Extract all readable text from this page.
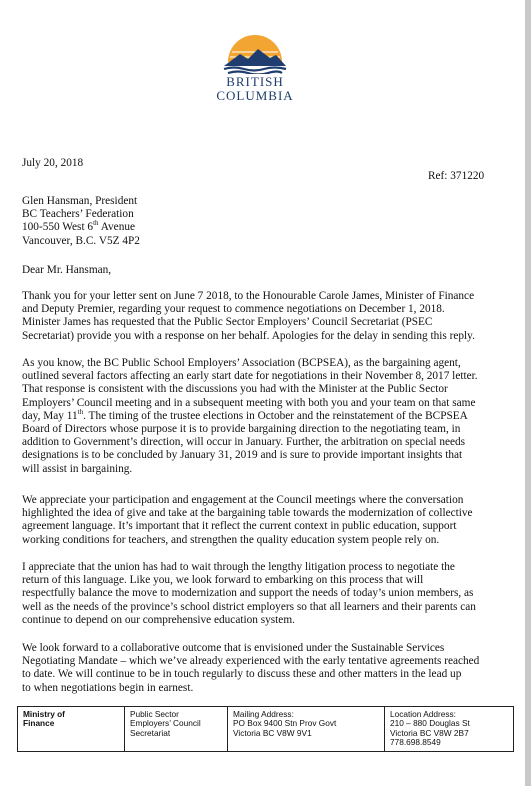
BRITISH
COLUMBIA
July 20, 2018
Ref: 371220
Glen Hansman, President
BC Teachers’ Federation
100-550 West 6th Avenue
Vancouver, B.C. V5Z 4P2
Dear Mr. Hansman,
Thank you for your letter sent on June 7 2018, to the Honourable Carole James, Minister of Finance
and Deputy Premier, regarding your request to commence negotiations on December 1, 2018.
Minister James has requested that the Public Sector Employers’ Council Secretariat (PSEC
Secretariat) provide you with a response on her behalf. Apologies for the delay in sending this reply.
As you know, the BC Public School Employers’ Association (BCPSEA), as the bargaining agent,
outlined several factors affecting an early start date for negotiations in their November 8, 2017 letter.
That response is consistent with the discussions you had with the Minister at the Public Sector
Employers’ Council meeting and in a subsequent meeting with both you and your team on that same
day, May 11th. The timing of the trustee elections in October and the reinstatement of the BCPSEA
Board of Directors whose purpose it is to provide bargaining direction to the negotiating team, in
addition to Government’s direction, will occur in January. Further, the arbitration on special needs
designations is to be concluded by January 31, 2019 and is sure to provide important insights that
will assist in bargaining.
We appreciate your participation and engagement at the Council meetings where the conversation
highlighted the idea of give and take at the bargaining table towards the modernization of collective
agreement language. It’s important that it reflect the current context in public education, support
working conditions for teachers, and strengthen the quality education system people rely on.
I appreciate that the union has had to wait through the lengthy litigation process to negotiate the
return of this language. Like you, we look forward to embarking on this process that will
respectfully balance the move to modernization and support the needs of today’s union members, as
well as the needs of the province’s school district employers so that all learners and their parents can
continue to depend on our comprehensive education system.
We look forward to a collaborative outcome that is envisioned under the Sustainable Services
Negotiating Mandate – which we’ve already experienced with the early tentative agreements reached
to date. We will continue to be in touch regularly to discuss these and other matters in the lead up
to when negotiations begin in earnest.
Ministry of
Finance

Public Sector
Employers’ Council
Secretariat

Mailing Address:
PO Box 9400 Stn Prov Govt
Victoria BC V8W 9V1

Location Address:
210 – 880 Douglas St
Victoria BC V8W 2B7
778.698.8549
